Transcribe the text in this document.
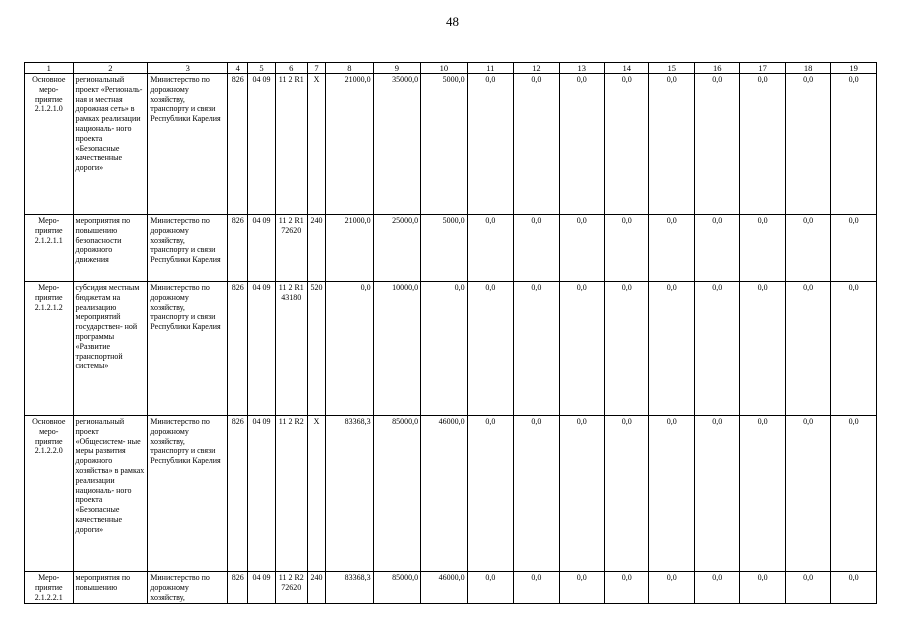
48
1	2	3	4	5	6	7	8	9	10	11	12	13	14	15	16	17	18	19
Основное меро- приятие 2.1.2.1.0	региональный проект «Региональ- ная и местная дорожная сеть» в рамках реализации националь- ного проекта «Безопасные качественные дороги»	Министерство по дорожному хозяйству, транспорту и связи Республики Карелия	826	04 09	11 2 R1	Х	21000,0	35000,0	5000,0	0,0	0,0	0,0	0,0	0,0	0,0	0,0	0,0	0,0
Меро- приятие 2.1.2.1.1	мероприятия по повышению безопасности дорожного движения	Министерство по дорожному хозяйству, транспорту и связи Республики Карелия	826	04 09	11 2 R1 72620	240	21000,0	25000,0	5000,0	0,0	0,0	0,0	0,0	0,0	0,0	0,0	0,0	0,0
Меро- приятие 2.1.2.1.2	субсидия местным бюджетам на реализацию мероприятий государствен- ной программы «Развитие транспортной системы»	Министерство по дорожному хозяйству, транспорту и связи Республики Карелия	826	04 09	11 2 R1 43180	520	0,0	10000,0	0,0	0,0	0,0	0,0	0,0	0,0	0,0	0,0	0,0	0,0
Основное меро- приятие 2.1.2.2.0	региональный проект «Общесистем- ные меры развития дорожного хозяйства» в рамках реализации националь- ного проекта «Безопасные качественные дороги»	Министерство по дорожному хозяйству, транспорту и связи Республики Карелия	826	04 09	11 2 R2	Х	83368,3	85000,0	46000,0	0,0	0,0	0,0	0,0	0,0	0,0	0,0	0,0	0,0
Меро- приятие 2.1.2.2.1	мероприятия по повышению	Министерство по дорожному хозяйству,	826	04 09	11 2 R2 72620	240	83368,3	85000,0	46000,0	0,0	0,0	0,0	0,0	0,0	0,0	0,0	0,0	0,0
